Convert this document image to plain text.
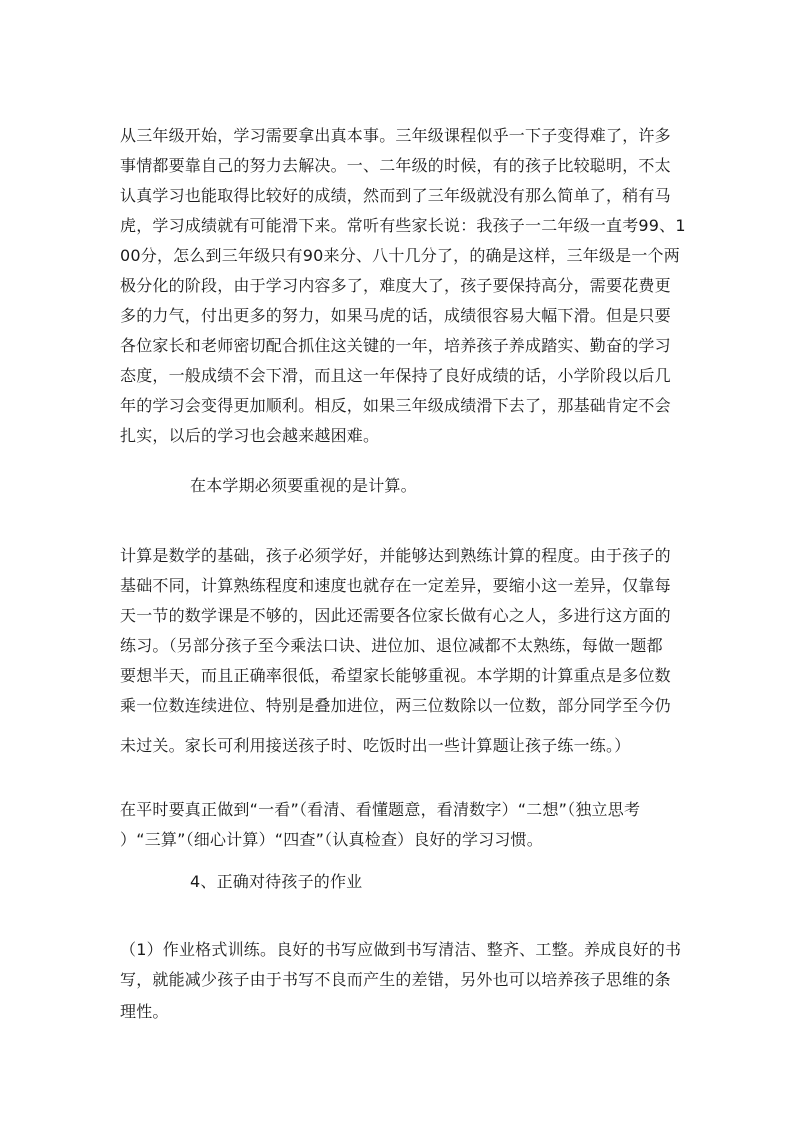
从三年级开始，学习需要拿出真本事。三年级课程似乎一下子变得难了，许多
事情都要靠自己的努力去解决。一、二年级的时候，有的孩子比较聪明，不太
认真学习也能取得比较好的成绩，然而到了三年级就没有那么简单了，稍有马
虎，学习成绩就有可能滑下来。常听有些家长说：我孩子一二年级一直考99、1
00分，怎么到三年级只有90来分、八十几分了，的确是这样，三年级是一个两
极分化的阶段，由于学习内容多了，难度大了，孩子要保持高分，需要花费更
多的力气，付出更多的努力，如果马虎的话，成绩很容易大幅下滑。但是只要
各位家长和老师密切配合抓住这关键的一年，培养孩子养成踏实、勤奋的学习
态度，一般成绩不会下滑，而且这一年保持了良好成绩的话，小学阶段以后几
年的学习会变得更加顺利。相反，如果三年级成绩滑下去了，那基础肯定不会
扎实，以后的学习也会越来越困难。
在本学期必须要重视的是计算。
计算是数学的基础，孩子必须学好，并能够达到熟练计算的程度。由于孩子的
基础不同，计算熟练程度和速度也就存在一定差异，要缩小这一差异，仅靠每
天一节的数学课是不够的，因此还需要各位家长做有心之人，多进行这方面的
练习。（另部分孩子至今乘法口诀、进位加、退位减都不太熟练，每做一题都
要想半天，而且正确率很低，希望家长能够重视。本学期的计算重点是多位数
乘一位数连续进位、特别是叠加进位，两三位数除以一位数，部分同学至今仍
未过关。家长可利用接送孩子时、吃饭时出一些计算题让孩子练一练。）
在平时要真正做到“一看”（看清、看懂题意，看清数字）“二想”（独立思考
）“三算”（细心计算）“四查”（认真检查）良好的学习习惯。
4、正确对待孩子的作业
（1）作业格式训练。良好的书写应做到书写清洁、整齐、工整。养成良好的书
写，就能减少孩子由于书写不良而产生的差错，另外也可以培养孩子思维的条
理性。
